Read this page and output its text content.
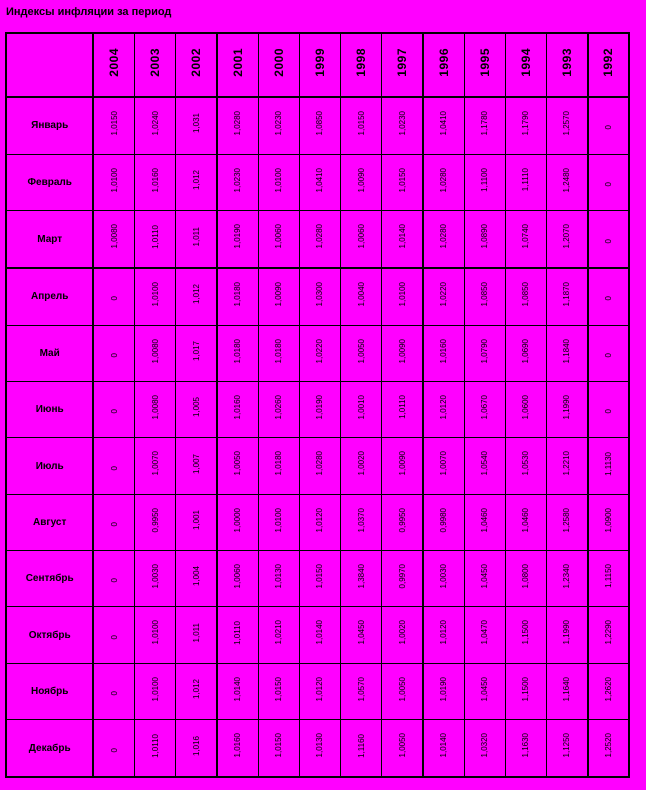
Индексы инфляции за период
	2004	2003	2002	2001	2000	1999	1998	1997	1996	1995	1994	1993	1992
Январь	1,0150	1,0240	1,031	1,0280	1,0230	1,0850	1,0150	1,0230	1,0410	1,1780	1,1790	1,2570	0
Февраль	1,0100	1,0160	1,012	1,0230	1,0100	1,0410	1,0090	1,0150	1,0280	1,1100	1,1110	1,2480	0
Март	1,0080	1,0110	1,011	1,0190	1,0060	1,0280	1,0060	1,0140	1,0280	1,0890	1,0740	1,2070	0
Апрель	0	1,0100	1,012	1,0180	1,0090	1,0300	1,0040	1,0100	1,0220	1,0850	1,0850	1,1870	0
Май	0	1,0080	1,017	1,0180	1,0180	1,0220	1,0050	1,0090	1,0160	1,0790	1,0690	1,1840	0
Июнь	0	1,0080	1,005	1,0160	1,0260	1,0190	1,0010	1,0110	1,0120	1,0670	1,0600	1,1990	0
Июль	0	1,0070	1,007	1,0050	1,0180	1,0280	1,0020	1,0090	1,0070	1,0540	1,0530	1,2210	1,1130
Август	0	0,9950	1,001	1,0000	1,0100	1,0120	1,0370	0,9950	0,9980	1,0460	1,0460	1,2580	1,0900
Сентябрь	0	1,0030	1,004	1,0060	1,0130	1,0150	1,3840	0,9970	1,0030	1,0450	1,0800	1,2340	1,1150
Октябрь	0	1,0100	1,011	1,0110	1,0210	1,0140	1,0450	1,0020	1,0120	1,0470	1,1500	1,1990	1,2290
Ноябрь	0	1,0100	1,012	1,0140	1,0150	1,0120	1,0570	1,0050	1,0190	1,0450	1,1500	1,1640	1,2620
Декабрь	0	1,0110	1,016	1,0160	1,0150	1,0130	1,1160	1,0050	1,0140	1,0320	1,1630	1,1250	1,2520
